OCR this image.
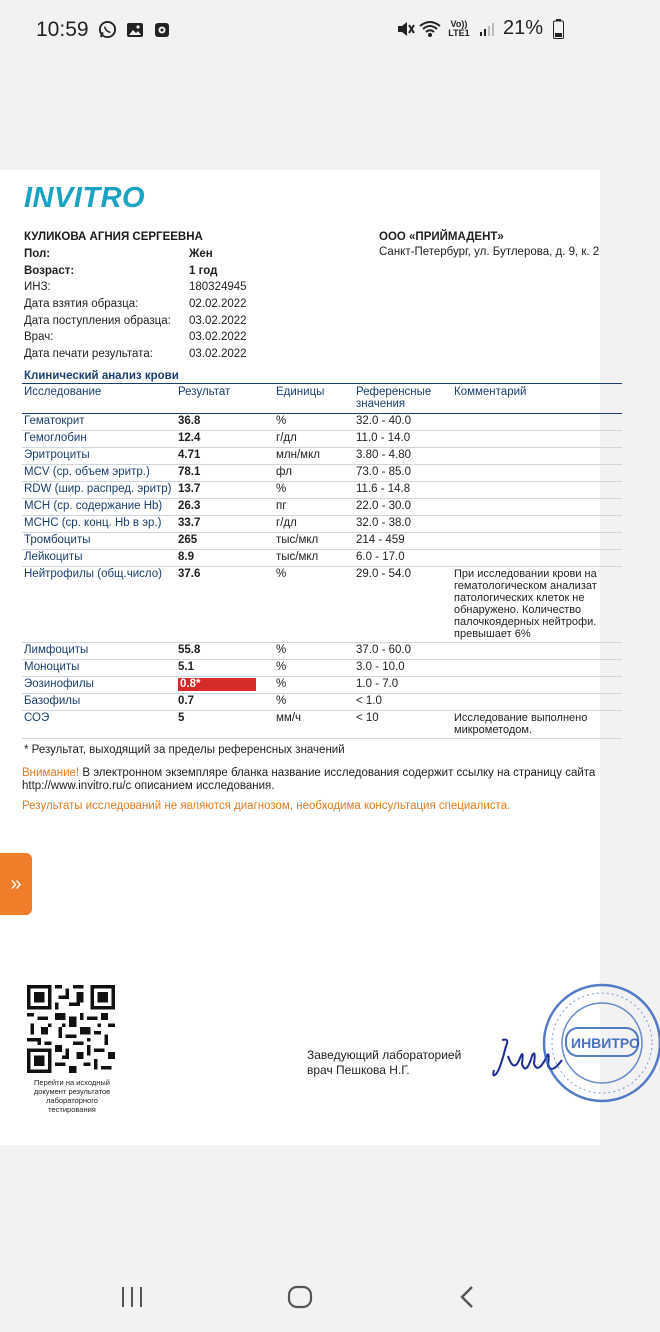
10:59	Vo)) LTE1 21%
INVITRO
КУЛИКОВА АГНИЯ СЕРГЕЕВНА
Пол:	Жен
Возраст:	1 год
ИНЗ:	180324945
Дата взятия образца:	02.02.2022
Дата поступления образца:	03.02.2022
Врач:	03.02.2022
Дата печати результата:	03.02.2022
ООО «ПРИЙМАДЕНТ»
Санкт-Петербург, ул. Бутлерова, д. 9, к. 2
Клинический анализ крови
Исследование	Результат	Единицы	Референсные значения	Комментарий
Гематокрит	36.8	%	32.0 - 40.0	
Гемоглобин	12.4	г/дл	11.0 - 14.0	
Эритроциты	4.71	млн/мкл	3.80 - 4.80	
MCV (ср. объем эритр.)	78.1	фл	73.0 - 85.0	
RDW (шир. распред. эритр)	13.7	%	11.6 - 14.8	
MCH (ср. содержание Hb)	26.3	пг	22.0 - 30.0	
MCHC (ср. конц. Hb в эр.)	33.7	г/дл	32.0 - 38.0	
Тромбоциты	265	тыс/мкл	214 - 459	
Лейкоциты	8.9	тыс/мкл	6.0 - 17.0	
Нейтрофилы (общ.число)	37.6	%	29.0 - 54.0	При исследовании крови на гематологическом анализат патологических клеток не обнаружено. Количество палочкоядерных нейтрофи. превышает 6%
Лимфоциты	55.8	%	37.0 - 60.0	
Моноциты	5.1	%	3.0 - 10.0	
Эозинофилы	0.8*	%	1.0 - 7.0	
Базофилы	0.7	%	< 1.0	
СОЭ	5	мм/ч	< 10	Исследование выполнено микрометодом.
* Результат, выходящий за пределы референсных значений
Внимание! В электронном экземпляре бланка название исследования содержит ссылку на страницу сайта http://www.invitro.ru/с описанием исследования.
Результаты исследований не являются диагнозом, необходима консультация специалиста.
Перейти на исходный документ результатов лабораторного тестирования
Заведующий лабораторией
врач Пешкова Н.Г.
ИНВИТРО
»
